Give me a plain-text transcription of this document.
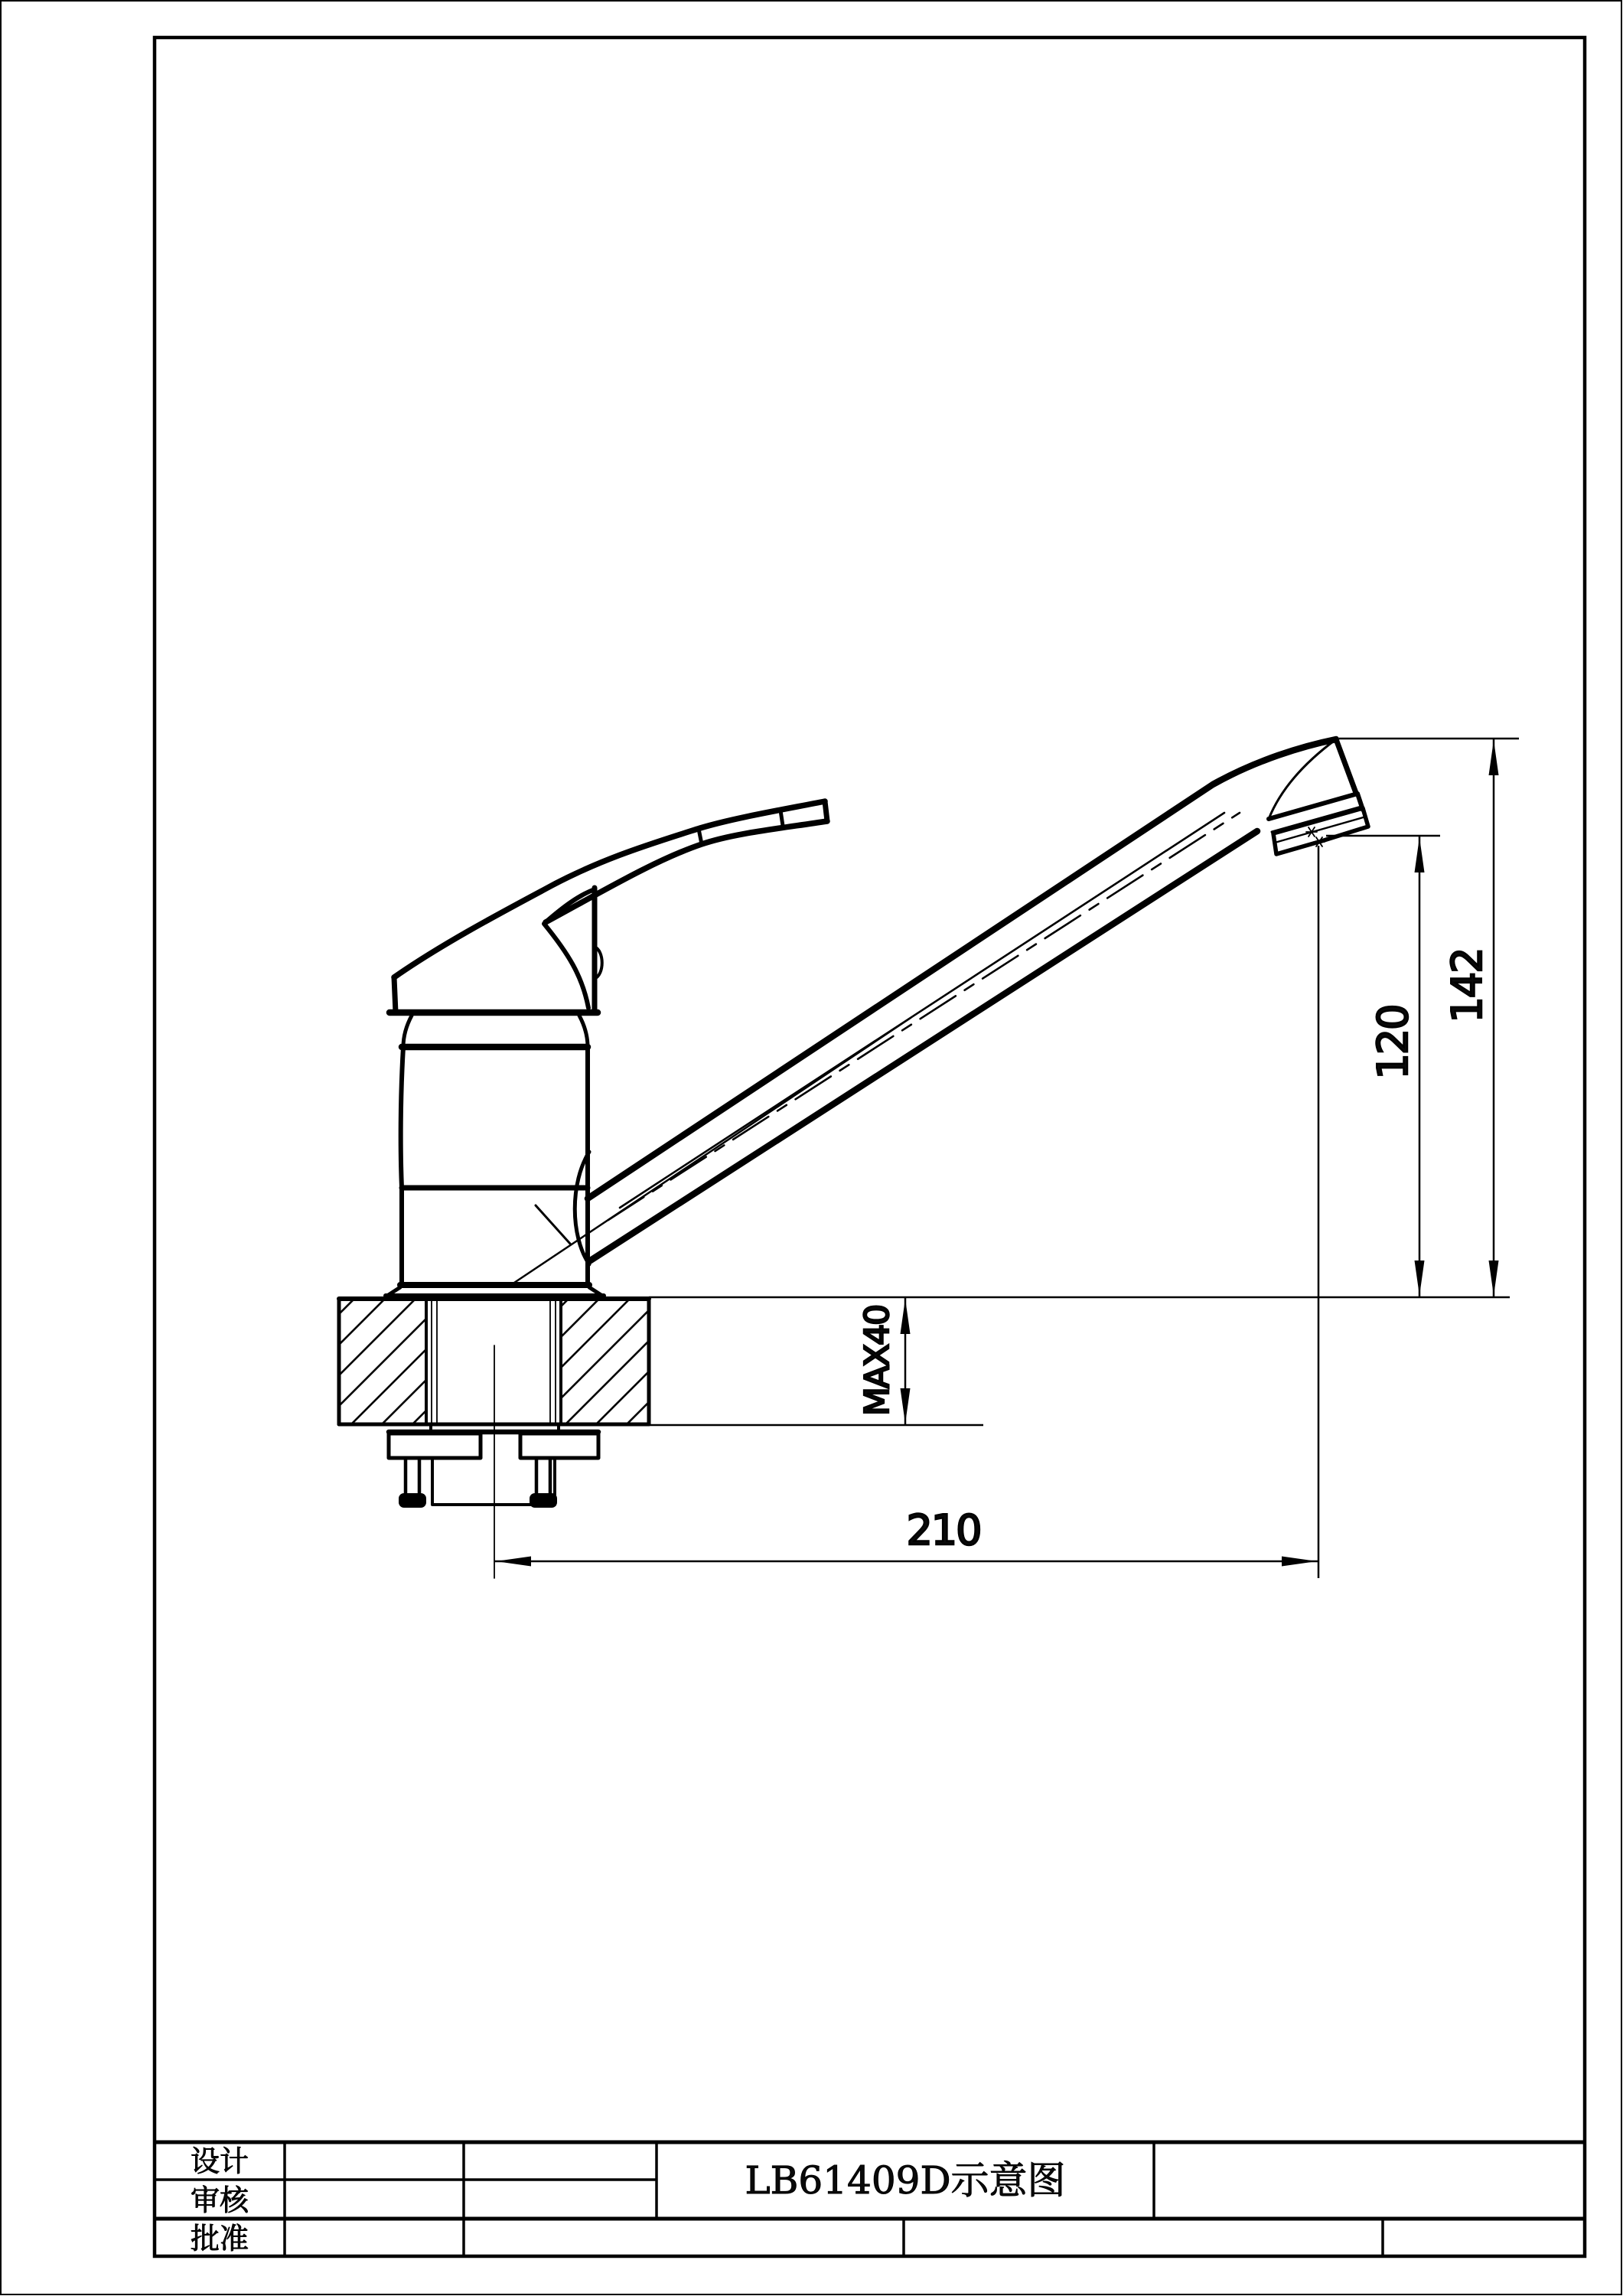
142
120
MAX40
210
设计
审核
批准
LB61409D示意图
